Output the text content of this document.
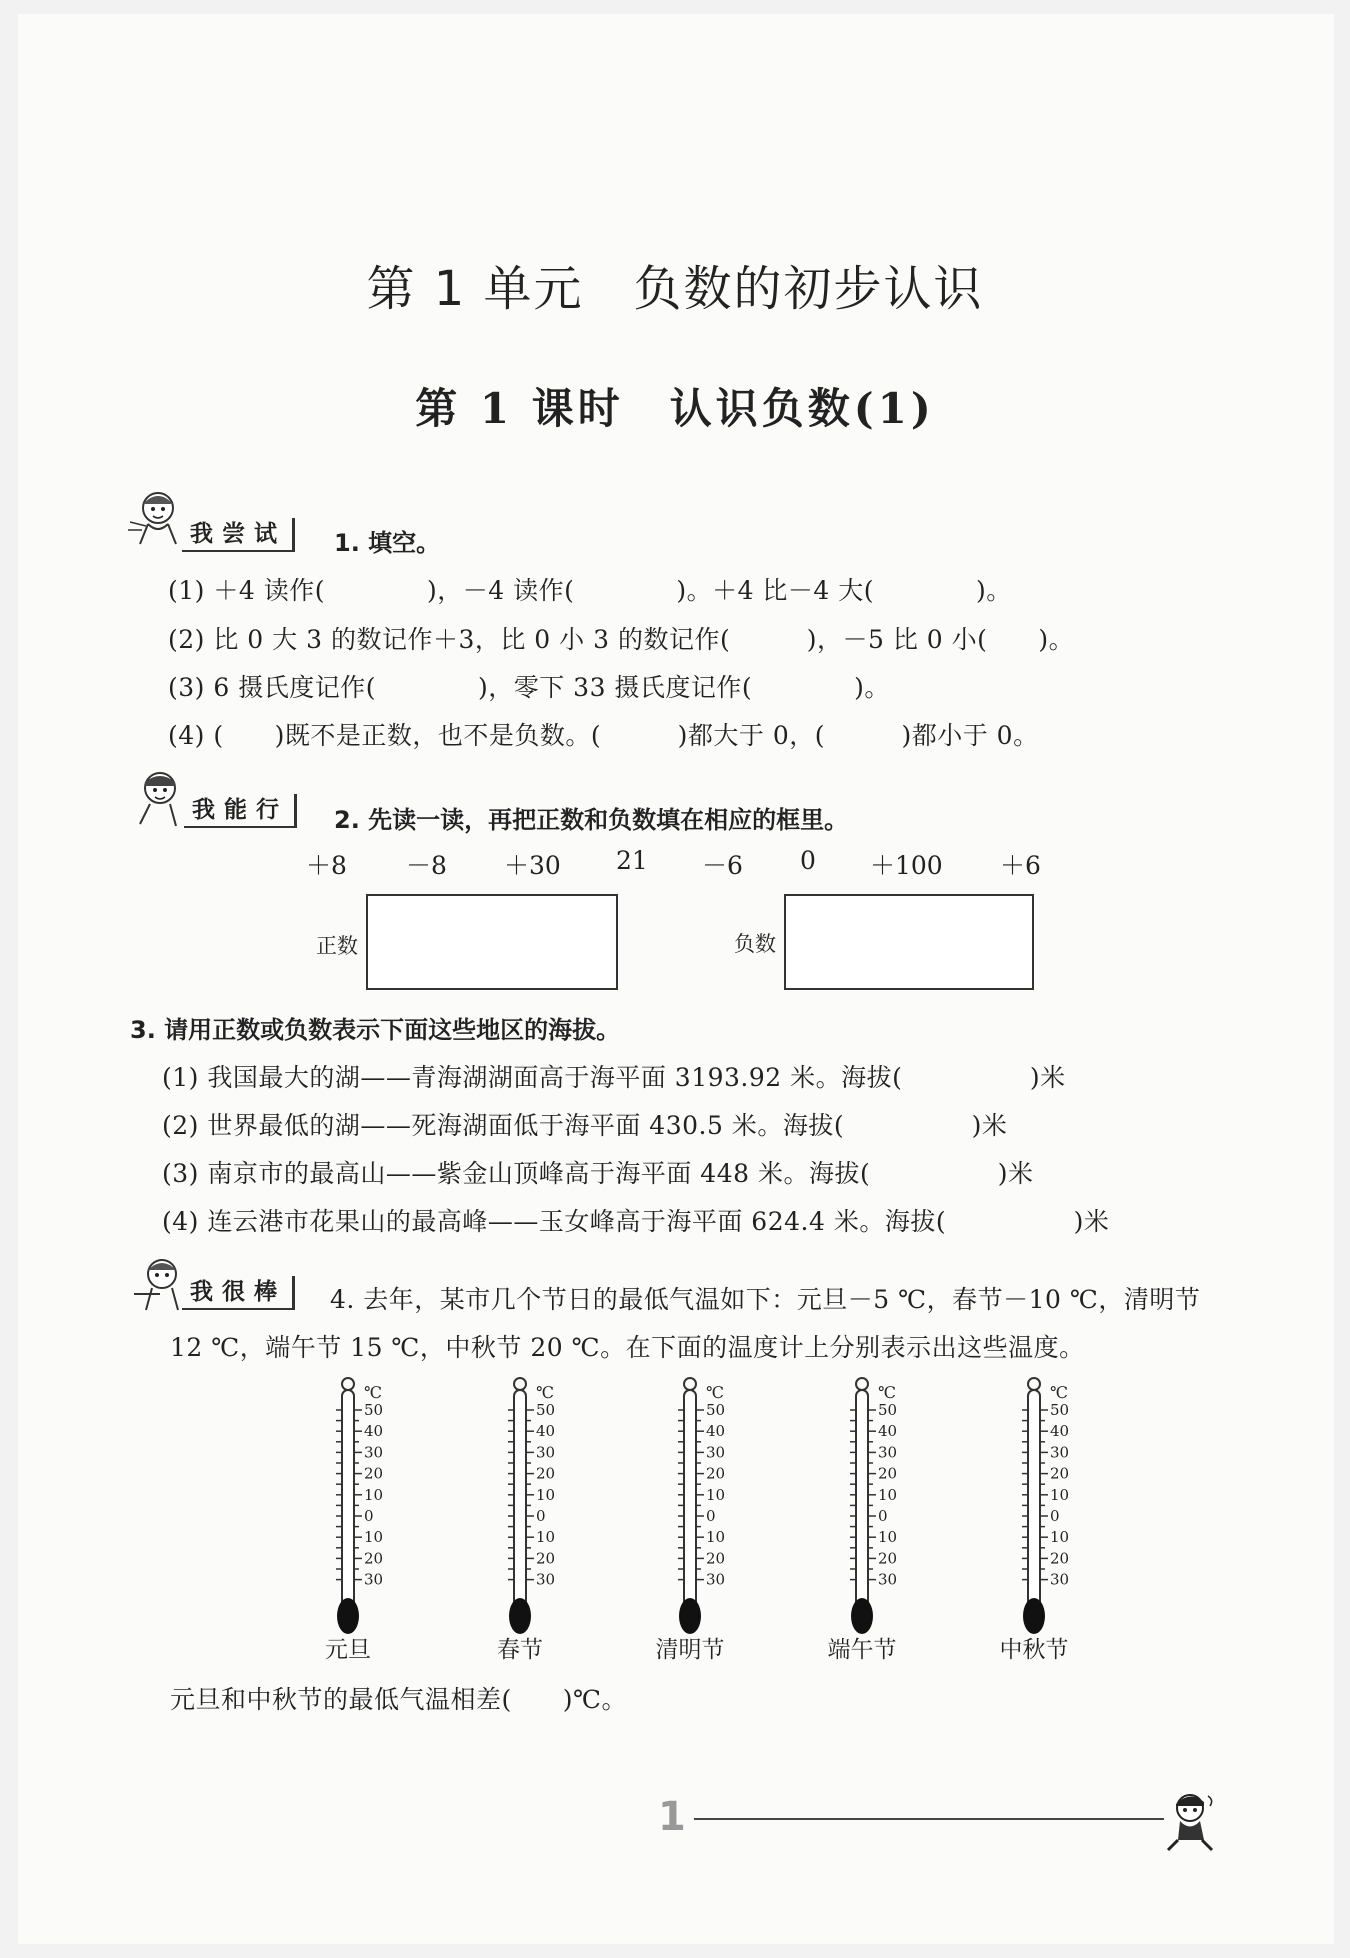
第 1 单元　负数的初步认识
第 1 课时　认识负数(1)
我尝试	1. 填空。
(1) ＋4 读作(　　　　)，－4 读作(　　　　)。＋4 比－4 大(　　　　)。
(2) 比 0 大 3 的数记作＋3，比 0 小 3 的数记作(　　　)，－5 比 0 小(　　)。
(3) 6 摄氏度记作(　　　　)，零下 33 摄氏度记作(　　　　)。
(4) (　　)既不是正数，也不是负数。(　　　)都大于 0，(　　　)都小于 0。
我能行	2. 先读一读，再把正数和负数填在相应的框里。
＋8 －8 ＋30 21 －6 0 ＋100 ＋6
正数	负数
3. 请用正数或负数表示下面这些地区的海拔。
(1) 我国最大的湖——青海湖湖面高于海平面 3193.92 米。海拔(　　　　　)米
(2) 世界最低的湖——死海湖面低于海平面 430.5 米。海拔(　　　　　)米
(3) 南京市的最高山——紫金山顶峰高于海平面 448 米。海拔(　　　　　)米
(4) 连云港市花果山的最高峰——玉女峰高于海平面 624.4 米。海拔(　　　　　)米
我很棒	4. 去年，某市几个节日的最低气温如下：元旦－5 ℃，春节－10 ℃，清明节
12 ℃，端午节 15 ℃，中秋节 20 ℃。在下面的温度计上分别表示出这些温度。
℃
50
40
30
20
10
0
10
20
30
元旦
℃
50
40
30
20
10
0
10
20
30
春节
℃
50
40
30
20
10
0
10
20
30
清明节
℃
50
40
30
20
10
0
10
20
30
端午节
℃
50
40
30
20
10
0
10
20
30
中秋节
元旦和中秋节的最低气温相差(　　)℃。
1
